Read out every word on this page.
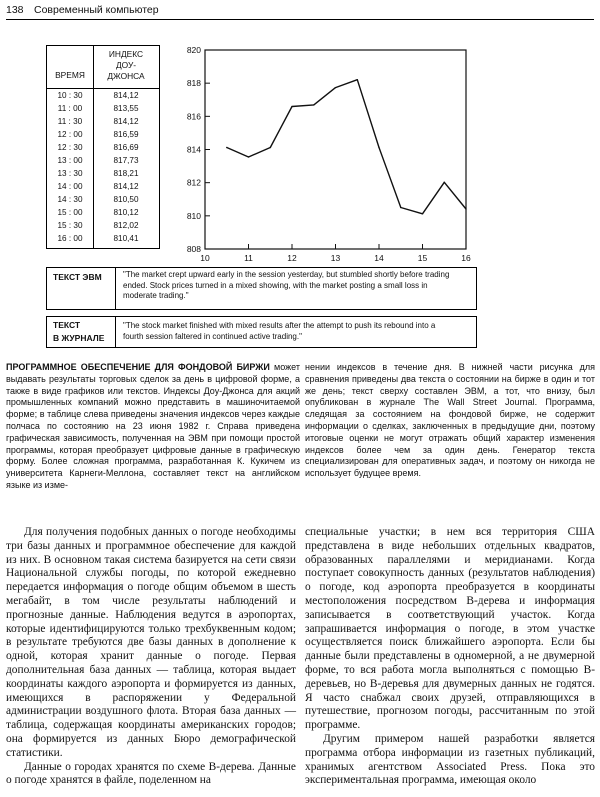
138 Современный компьютер
ВРЕМЯ
ИНДЕКС
ДОУ-
ДЖОНСА
10 : 30	814,12
11 : 00	813,55
11 : 30	814,12
12 : 00	816,59
12 : 30	816,69
13 : 00	817,73
13 : 30	818,21
14 : 00	814,12
14 : 30	810,50
15 : 00	810,12
15 : 30	812,02
16 : 00	810,41
808
810
812
814
816
818
820
10	11	12	13	14	15	16
ТЕКСТ ЭВМ	"The market crept upward early in the session yesterday, but stumbled shortly before trading
ended. Stock prices turned in a mixed showing, with the market posting a small loss in
moderate trading."
ТЕКСТ
В ЖУРНАЛЕ
"The stock market finished with mixed results after the attempt to push its rebound into a
fourth session faltered in continued active trading."
ПРОГРАММНОЕ ОБЕСПЕЧЕНИЕ ДЛЯ ФОНДОВОЙ БИРЖИ может выдавать результаты торговых сделок за день в цифровой форме, а также в виде графиков или текстов. Индексы Доу-Джонса для акций промышленных компаний можно представить в машиночитаемой форме; в таблице слева приведены значения индексов через каждые полчаса по состоянию на 23 июня 1982 г. Справа приведена графическая зависимость, полученная на ЭВМ при помощи простой программы, которая преобразует цифровые данные в графическую форму. Более сложная программа, разработанная К. Кукичем из университета Карнеги-Меллона, составляет текст на английском языке из изме-
нении индексов в течение дня. В нижней части рисунка для сравнения приведены два текста о состоянии на бирже в один и тот же день; текст сверху составлен ЭВМ, а тот, что внизу, был опубликован в журнале The Wall Street Journal. Программа, следящая за состоянием на фондовой бирже, не содержит информации о сделках, заключенных в предыдущие дни, поэтому итоговые оценки не могут отражать общий характер изменения индексов более чем за один день. Генератор текста специализирован для оперативных задач, и поэтому он никогда не использует будущее время.

Для получения подобных данных о погоде необходимы три базы данных и программное обеспечение для каждой из них. В основном такая система базируется на сети связи Национальной службы погоды, по которой ежедневно передается информация о погоде общим объемом в шесть мегабайт, в том числе результаты наблюдений и прогнозные данные. Наблюдения ведутся в аэропортах, которые идентифицируются только трехбуквенным кодом; в результате требуются две базы данных в дополнение к одной, которая хранит данные о погоде. Первая дополнительная база данных — таблица, которая выдает координаты каждого аэропорта и формируется из данных, имеющихся в распоряжении у Федеральной администрации воздушного флота. Вторая база данных — таблица, содержащая координаты американских городов; она формируется из данных Бюро демографической статистики.

Данные о городах хранятся по схеме B-дерева. Данные о погоде хранятся в файле, поделенном на

специальные участки; в нем вся территория США представлена в виде небольших отдельных квадратов, образованных параллелями и меридианами. Когда поступает совокупность данных (результатов наблюдения) о погоде, код аэропорта преобразуется в координаты местоположения посредством B-дерева и информация записывается в соответствующий участок. Когда запрашивается информация о погоде, в этом участке осуществляется поиск ближайшего аэропорта. Если бы данные были представлены в одномерной, а не двумерной форме, то вся работа могла выполняться с помощью B-деревьев, но B-деревья для двумерных данных не годятся. Я часто снабжал своих друзей, отправляющихся в путешествие, прогнозом погоды, рассчитанным по этой программе.

Другим примером нашей разработки является программа отбора информации из газетных публикаций, хранимых агентством Associated Press. Пока это экспериментальная программа, имеющая около
